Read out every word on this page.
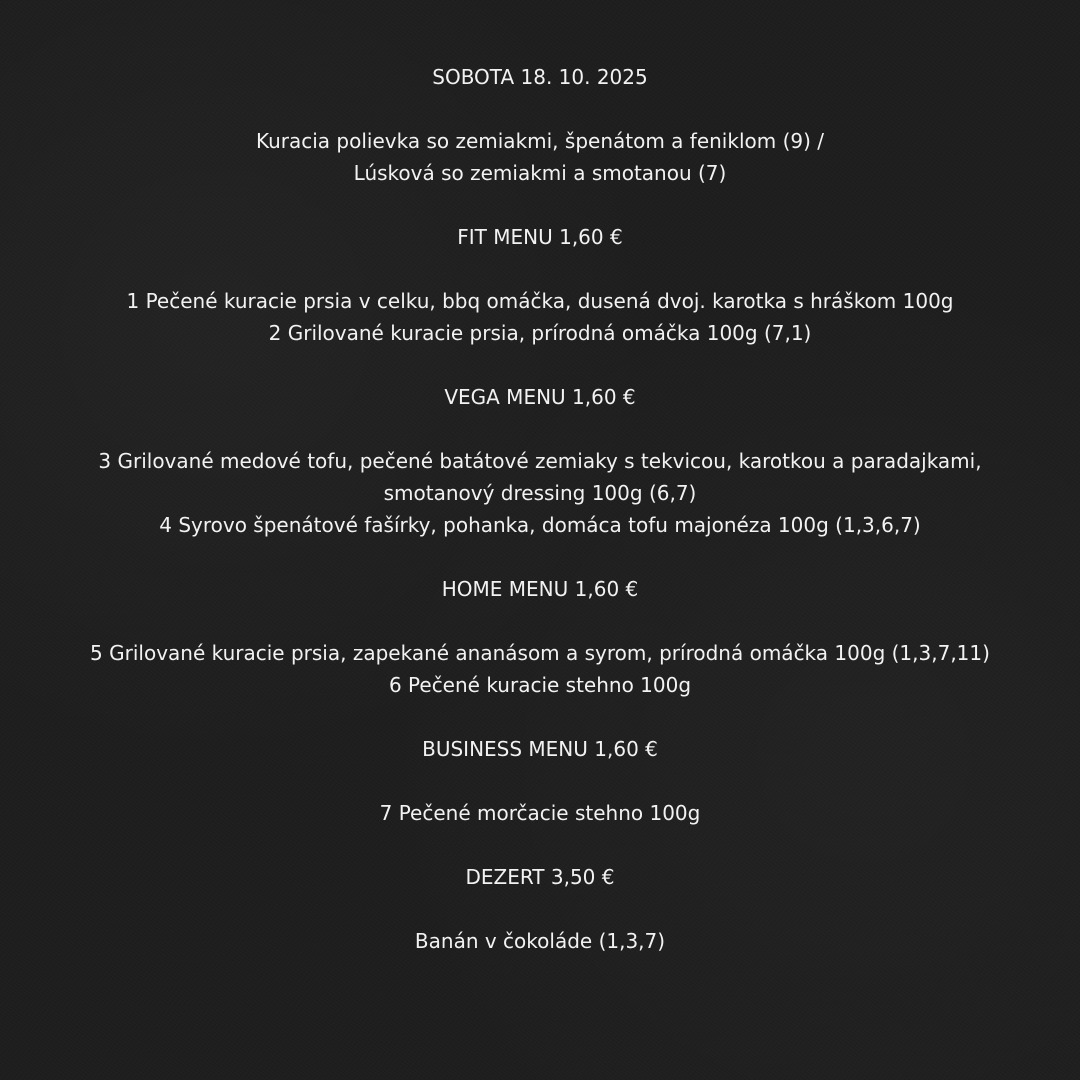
SOBOTA 18. 10. 2025
Kuracia polievka so zemiakmi, špenátom a feniklom (9) /
Lúsková so zemiakmi a smotanou (7)
FIT MENU 1,60 €
1 Pečené kuracie prsia v celku, bbq omáčka, dusená dvoj. karotka s hráškom 100g
2 Grilované kuracie prsia, prírodná omáčka 100g (7,1)
VEGA MENU 1,60 €
3 Grilované medové tofu, pečené batátové zemiaky s tekvicou, karotkou a paradajkami,
smotanový dressing 100g (6,7)
4 Syrovo špenátové fašírky, pohanka, domáca tofu majonéza 100g (1,3,6,7)
HOME MENU 1,60 €
5 Grilované kuracie prsia, zapekané ananásom a syrom, prírodná omáčka 100g (1,3,7,11)
6 Pečené kuracie stehno 100g
BUSINESS MENU 1,60 €
7 Pečené morčacie stehno 100g
DEZERT 3,50 €
Banán v čokoláde (1,3,7)
